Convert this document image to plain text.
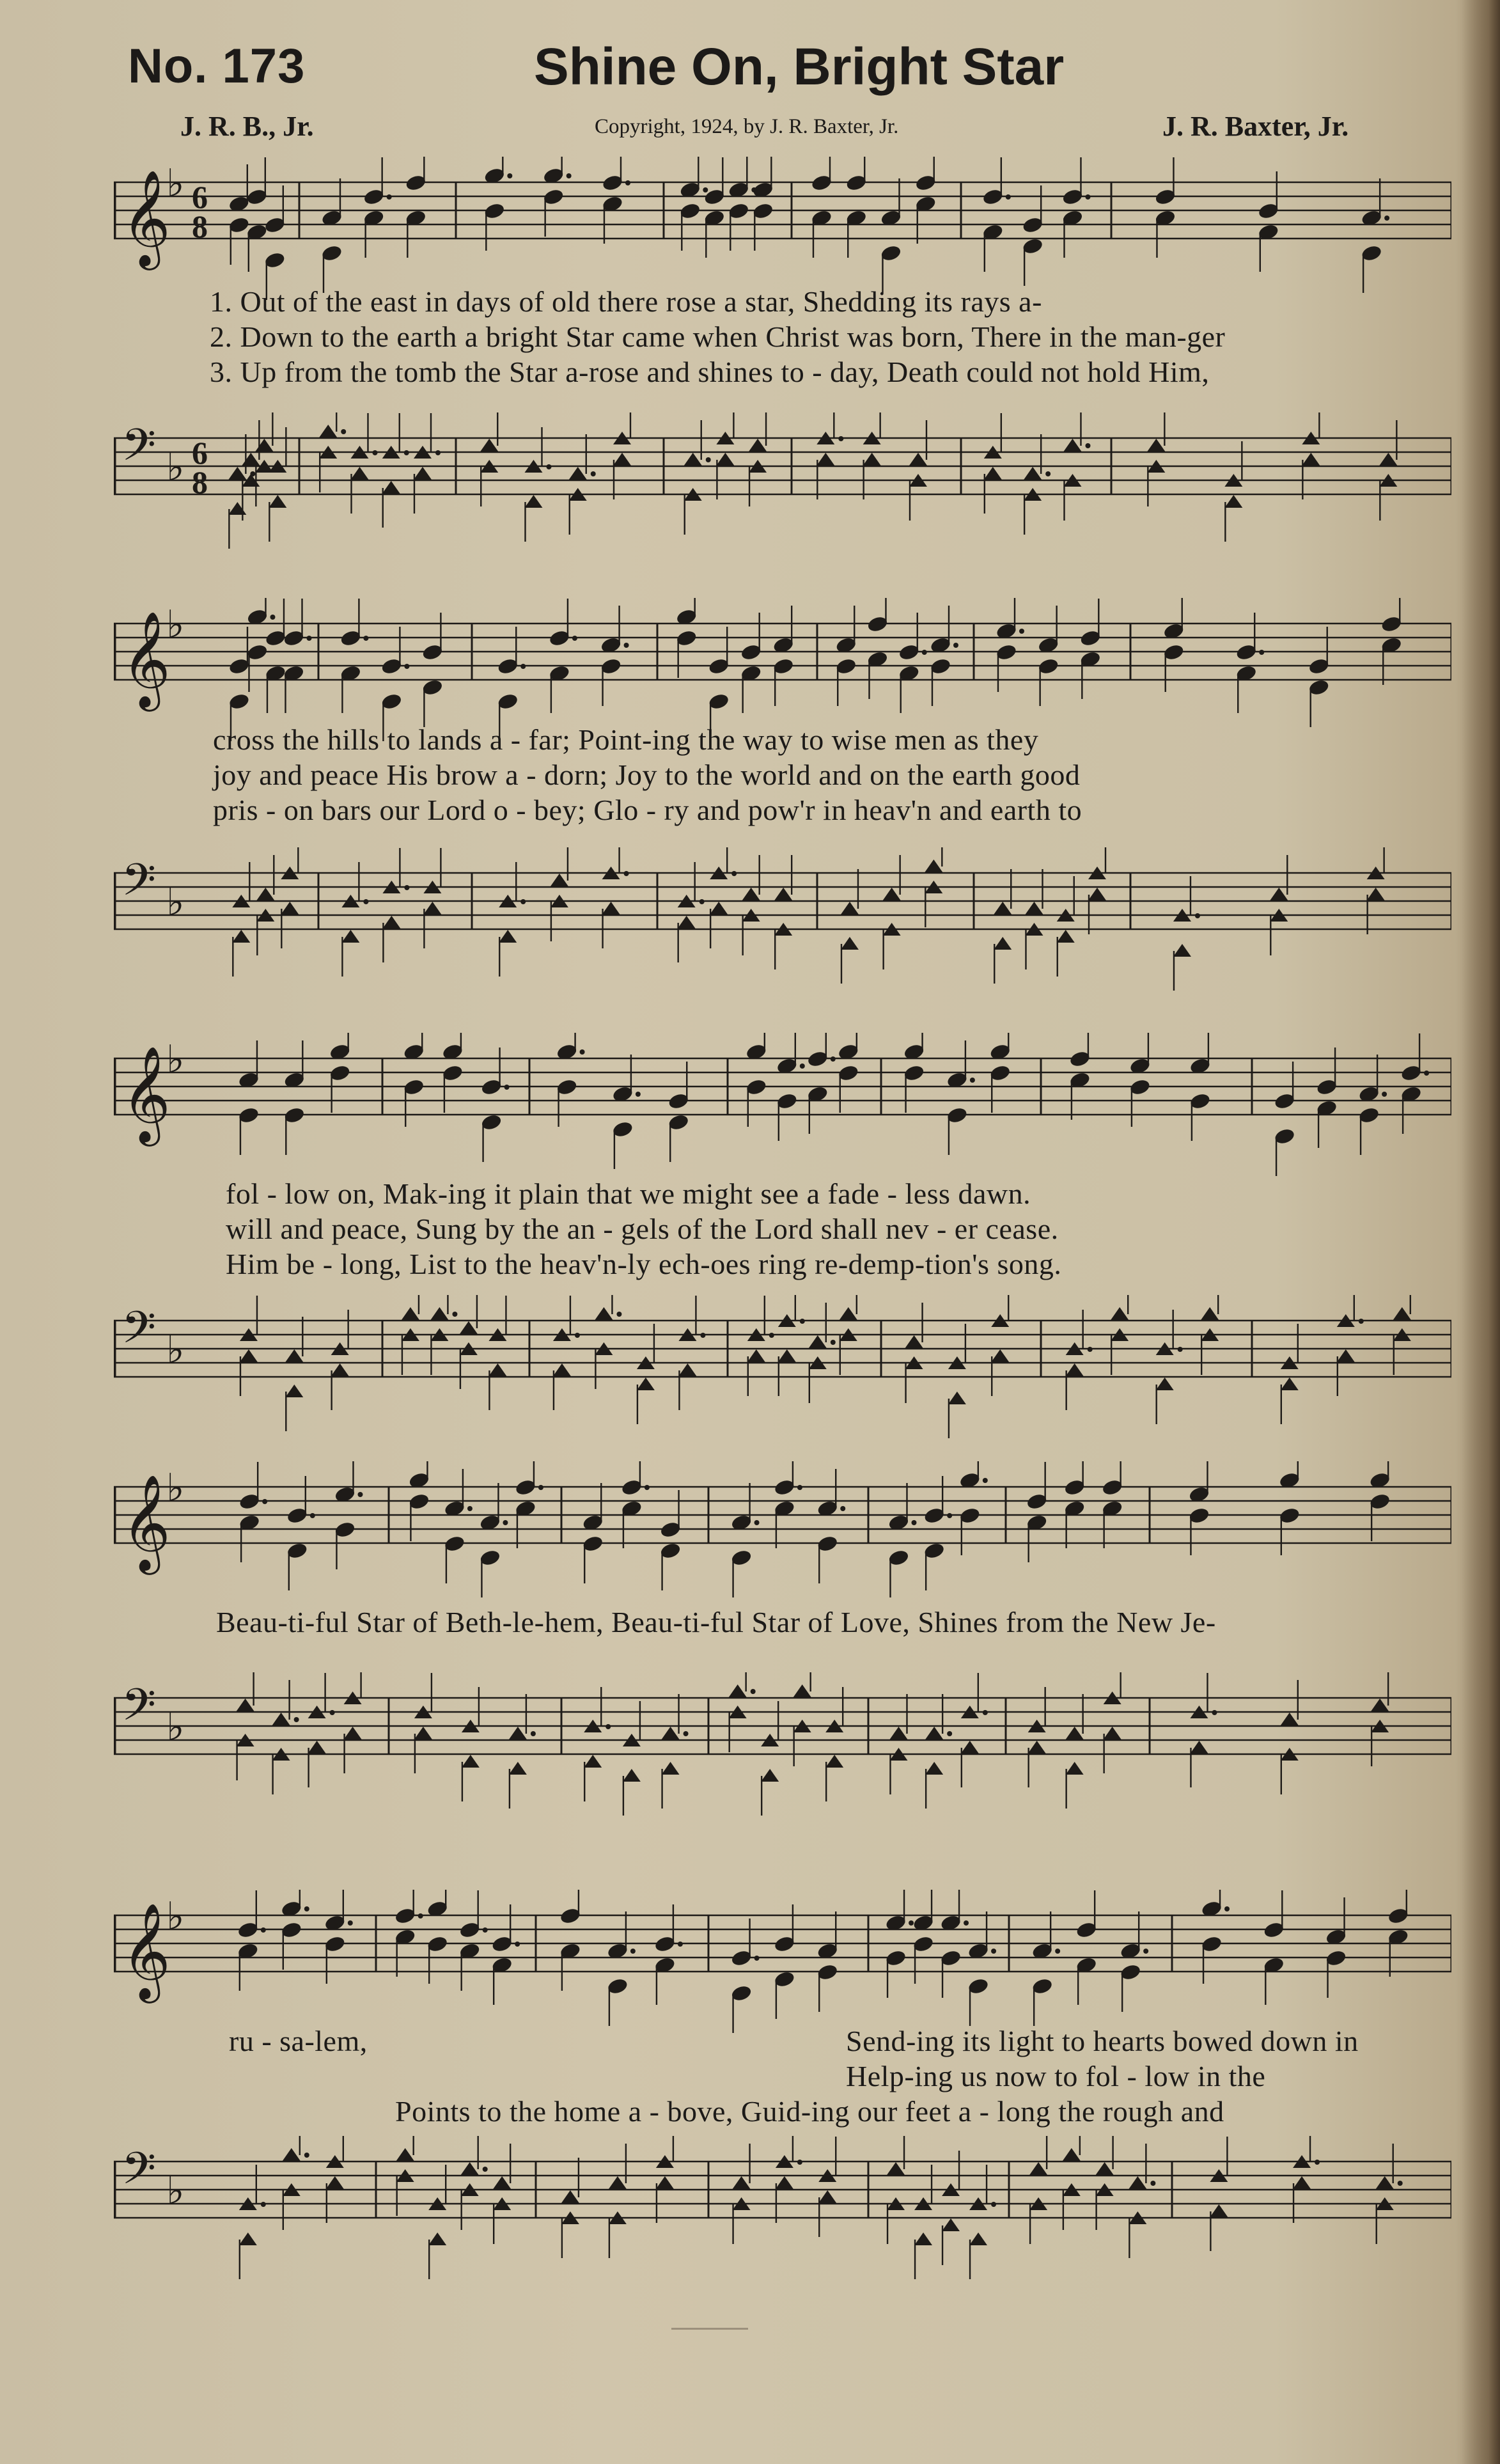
No. 173	Shine On, Bright Star
J. R. B., Jr.	Copyright, 1924, by J. R. Baxter, Jr.	J. R. Baxter, Jr.
𝄞
♭ 6
8
1. Out of the east in days of old there rose a star, Shedding its rays a-
2. Down to the earth a bright Star came when Christ was born, There in the man-ger
3. Up from the tomb the Star a-rose and shines to - day, Death could not hold Him,
𝄢 ♭ 6
8
𝄞
♭
cross the hills to lands a - far; Point-ing the way to wise men as they
joy and peace His brow a - dorn; Joy to the world and on the earth good
pris - on bars our Lord o - bey; Glo - ry and pow'r in heav'n and earth to
𝄢 ♭
𝄞
♭
fol - low on, Mak-ing it plain that we might see a fade - less dawn.
will and peace, Sung by the an - gels of the Lord shall nev - er cease.
Him be - long, List to the heav'n-ly ech-oes ring re-demp-tion's song.
𝄢 ♭
𝄞
♭
Beau-ti-ful Star of Beth-le-hem, Beau-ti-ful Star of Love, Shines from the New Je-
𝄢 ♭
𝄞
♭
ru - sa-lem,	Send-ing its light to hearts bowed down in
Help-ing us now to fol - low in the
Points to the home a - bove, Guid-ing our feet a - long the rough and
𝄢 ♭
